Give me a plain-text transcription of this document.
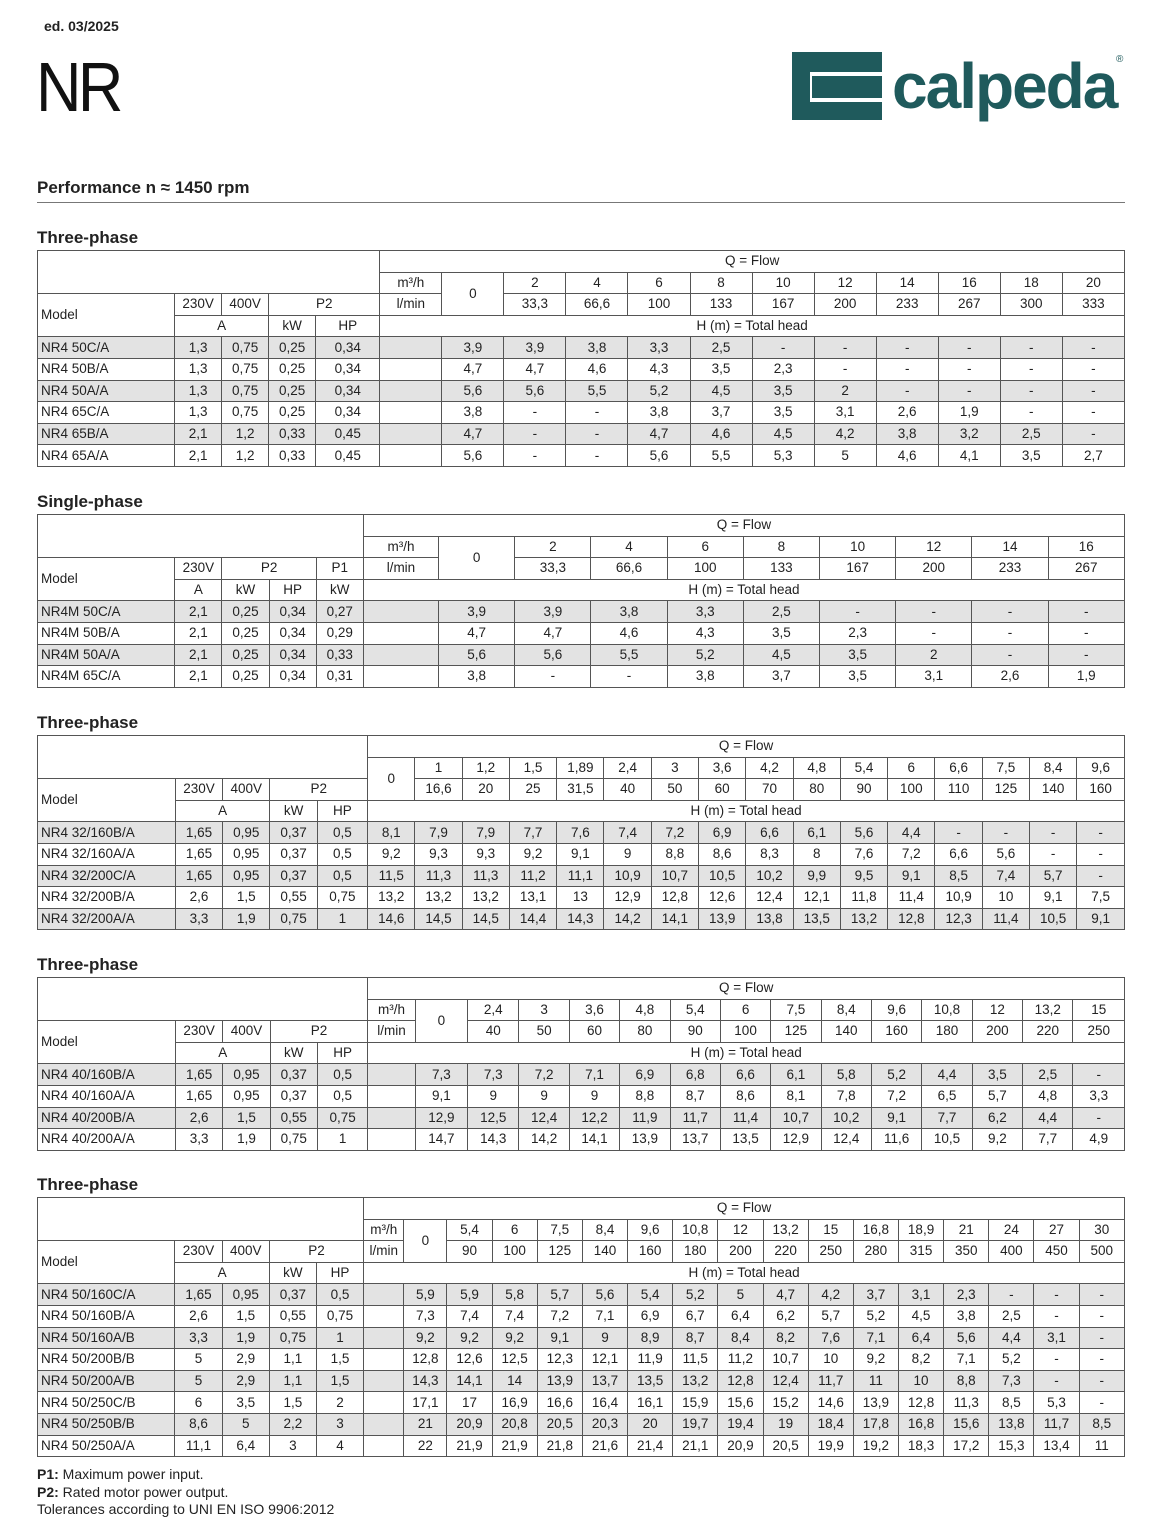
ed. 03/2025
NR	calpeda ®
Performance n ≈ 1450 rpm
Three-phase
					Q = Flow											
					m³/h	0	2	4	6	8	10	12	14	16	18	20
Model	230V	400V	P2		l/min		33,3	66,6	100	133	167	200	233	267	300	333
	A		kW	HP	H (m) = Total head											
NR4 50C/A	1,3	0,75	0,25	0,34		3,9	3,9	3,8	3,3	2,5	-	-	-	-	-	-
NR4 50B/A	1,3	0,75	0,25	0,34		4,7	4,7	4,6	4,3	3,5	2,3	-	-	-	-	-
NR4 50A/A	1,3	0,75	0,25	0,34		5,6	5,6	5,5	5,2	4,5	3,5	2	-	-	-	-
NR4 65C/A	1,3	0,75	0,25	0,34		3,8	-	-	3,8	3,7	3,5	3,1	2,6	1,9	-	-
NR4 65B/A	2,1	1,2	0,33	0,45		4,7	-	-	4,7	4,6	4,5	4,2	3,8	3,2	2,5	-
NR4 65A/A	2,1	1,2	0,33	0,45		5,6	-	-	5,6	5,5	5,3	5	4,6	4,1	3,5	2,7
Single-phase
					Q = Flow									
					m³/h	0	2	4	6	8	10	12	14	16
Model	230V	P2		P1	l/min		33,3	66,6	100	133	167	200	233	267
	A	kW	HP	kW	H (m) = Total head									
NR4M 50C/A	2,1	0,25	0,34	0,27		3,9	3,9	3,8	3,3	2,5	-	-	-	-
NR4M 50B/A	2,1	0,25	0,34	0,29		4,7	4,7	4,6	4,3	3,5	2,3	-	-	-
NR4M 50A/A	2,1	0,25	0,34	0,33		5,6	5,6	5,5	5,2	4,5	3,5	2	-	-
NR4M 65C/A	2,1	0,25	0,34	0,31		3,8	-	-	3,8	3,7	3,5	3,1	2,6	1,9
Three-phase
					Q = Flow															
					0	1	1,2	1,5	1,89	2,4	3	3,6	4,2	4,8	5,4	6	6,6	7,5	8,4	9,6
Model	230V	400V	P2			16,6	20	25	31,5	40	50	60	70	80	90	100	110	125	140	160
	A		kW	HP	H (m) = Total head															
NR4 32/160B/A	1,65	0,95	0,37	0,5	8,1	7,9	7,9	7,7	7,6	7,4	7,2	6,9	6,6	6,1	5,6	4,4	-	-	-	-
NR4 32/160A/A	1,65	0,95	0,37	0,5	9,2	9,3	9,3	9,2	9,1	9	8,8	8,6	8,3	8	7,6	7,2	6,6	5,6	-	-
NR4 32/200C/A	1,65	0,95	0,37	0,5	11,5	11,3	11,3	11,2	11,1	10,9	10,7	10,5	10,2	9,9	9,5	9,1	8,5	7,4	5,7	-
NR4 32/200B/A	2,6	1,5	0,55	0,75	13,2	13,2	13,2	13,1	13	12,9	12,8	12,6	12,4	12,1	11,8	11,4	10,9	10	9,1	7,5
NR4 32/200A/A	3,3	1,9	0,75	1	14,6	14,5	14,5	14,4	14,3	14,2	14,1	13,9	13,8	13,5	13,2	12,8	12,3	11,4	10,5	9,1
Three-phase
					Q = Flow														
					m³/h	0	2,4	3	3,6	4,8	5,4	6	7,5	8,4	9,6	10,8	12	13,2	15
Model	230V	400V	P2		l/min		40	50	60	80	90	100	125	140	160	180	200	220	250
	A		kW	HP	H (m) = Total head														
NR4 40/160B/A	1,65	0,95	0,37	0,5		7,3	7,3	7,2	7,1	6,9	6,8	6,6	6,1	5,8	5,2	4,4	3,5	2,5	-
NR4 40/160A/A	1,65	0,95	0,37	0,5		9,1	9	9	9	8,8	8,7	8,6	8,1	7,8	7,2	6,5	5,7	4,8	3,3
NR4 40/200B/A	2,6	1,5	0,55	0,75		12,9	12,5	12,4	12,2	11,9	11,7	11,4	10,7	10,2	9,1	7,7	6,2	4,4	-
NR4 40/200A/A	3,3	1,9	0,75	1		14,7	14,3	14,2	14,1	13,9	13,7	13,5	12,9	12,4	11,6	10,5	9,2	7,7	4,9
Three-phase
					Q = Flow																
					m³/h	0	5,4	6	7,5	8,4	9,6	10,8	12	13,2	15	16,8	18,9	21	24	27	30
Model	230V	400V	P2		l/min		90	100	125	140	160	180	200	220	250	280	315	350	400	450	500
	A		kW	HP	H (m) = Total head																
NR4 50/160C/A	1,65	0,95	0,37	0,5		5,9	5,9	5,8	5,7	5,6	5,4	5,2	5	4,7	4,2	3,7	3,1	2,3	-	-	-
NR4 50/160B/A	2,6	1,5	0,55	0,75		7,3	7,4	7,4	7,2	7,1	6,9	6,7	6,4	6,2	5,7	5,2	4,5	3,8	2,5	-	-
NR4 50/160A/B	3,3	1,9	0,75	1		9,2	9,2	9,2	9,1	9	8,9	8,7	8,4	8,2	7,6	7,1	6,4	5,6	4,4	3,1	-
NR4 50/200B/B	5	2,9	1,1	1,5		12,8	12,6	12,5	12,3	12,1	11,9	11,5	11,2	10,7	10	9,2	8,2	7,1	5,2	-	-
NR4 50/200A/B	5	2,9	1,1	1,5		14,3	14,1	14	13,9	13,7	13,5	13,2	12,8	12,4	11,7	11	10	8,8	7,3	-	-
NR4 50/250C/B	6	3,5	1,5	2		17,1	17	16,9	16,6	16,4	16,1	15,9	15,6	15,2	14,6	13,9	12,8	11,3	8,5	5,3	-
NR4 50/250B/B	8,6	5	2,2	3		21	20,9	20,8	20,5	20,3	20	19,7	19,4	19	18,4	17,8	16,8	15,6	13,8	11,7	8,5
NR4 50/250A/A	11,1	6,4	3	4		22	21,9	21,9	21,8	21,6	21,4	21,1	20,9	20,5	19,9	19,2	18,3	17,2	15,3	13,4	11
P1: Maximum power input.
P2: Rated motor power output.
Tolerances according to UNI EN ISO 9906:2012
